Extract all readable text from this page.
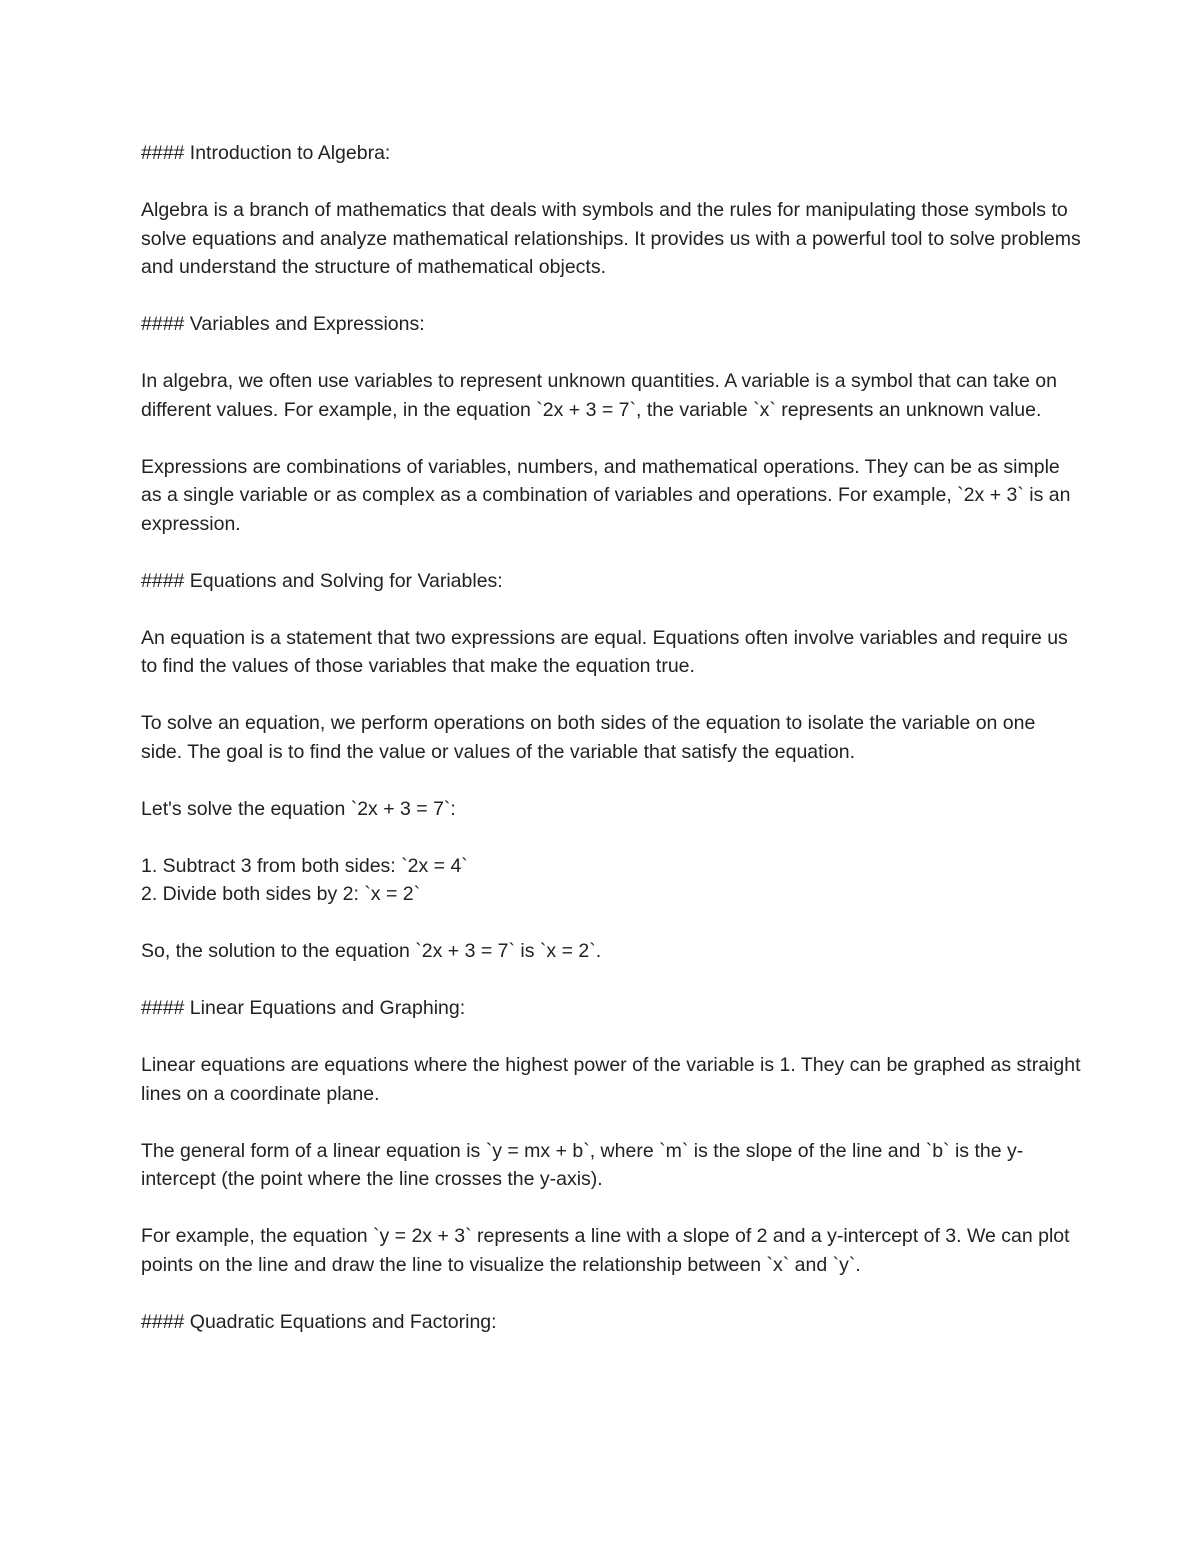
#### Introduction to Algebra:
Algebra is a branch of mathematics that deals with symbols and the rules for manipulating those symbols to solve equations and analyze mathematical relationships. It provides us with a powerful tool to solve problems and understand the structure of mathematical objects.
#### Variables and Expressions:
In algebra, we often use variables to represent unknown quantities. A variable is a symbol that can take on different values. For example, in the equation `2x + 3 = 7`, the variable `x` represents an unknown value.
Expressions are combinations of variables, numbers, and mathematical operations. They can be as simple as a single variable or as complex as a combination of variables and operations. For example, `2x + 3` is an expression.
#### Equations and Solving for Variables:
An equation is a statement that two expressions are equal. Equations often involve variables and require us to find the values of those variables that make the equation true.
To solve an equation, we perform operations on both sides of the equation to isolate the variable on one side. The goal is to find the value or values of the variable that satisfy the equation.
Let's solve the equation `2x + 3 = 7`:
1. Subtract 3 from both sides: `2x = 4`
2. Divide both sides by 2: `x = 2`
So, the solution to the equation `2x + 3 = 7` is `x = 2`.
#### Linear Equations and Graphing:
Linear equations are equations where the highest power of the variable is 1. They can be graphed as straight lines on a coordinate plane.
The general form of a linear equation is `y = mx + b`, where `m` is the slope of the line and `b` is the y-intercept (the point where the line crosses the y-axis).
For example, the equation `y = 2x + 3` represents a line with a slope of 2 and a y-intercept of 3. We can plot points on the line and draw the line to visualize the relationship between `x` and `y`.
#### Quadratic Equations and Factoring:
